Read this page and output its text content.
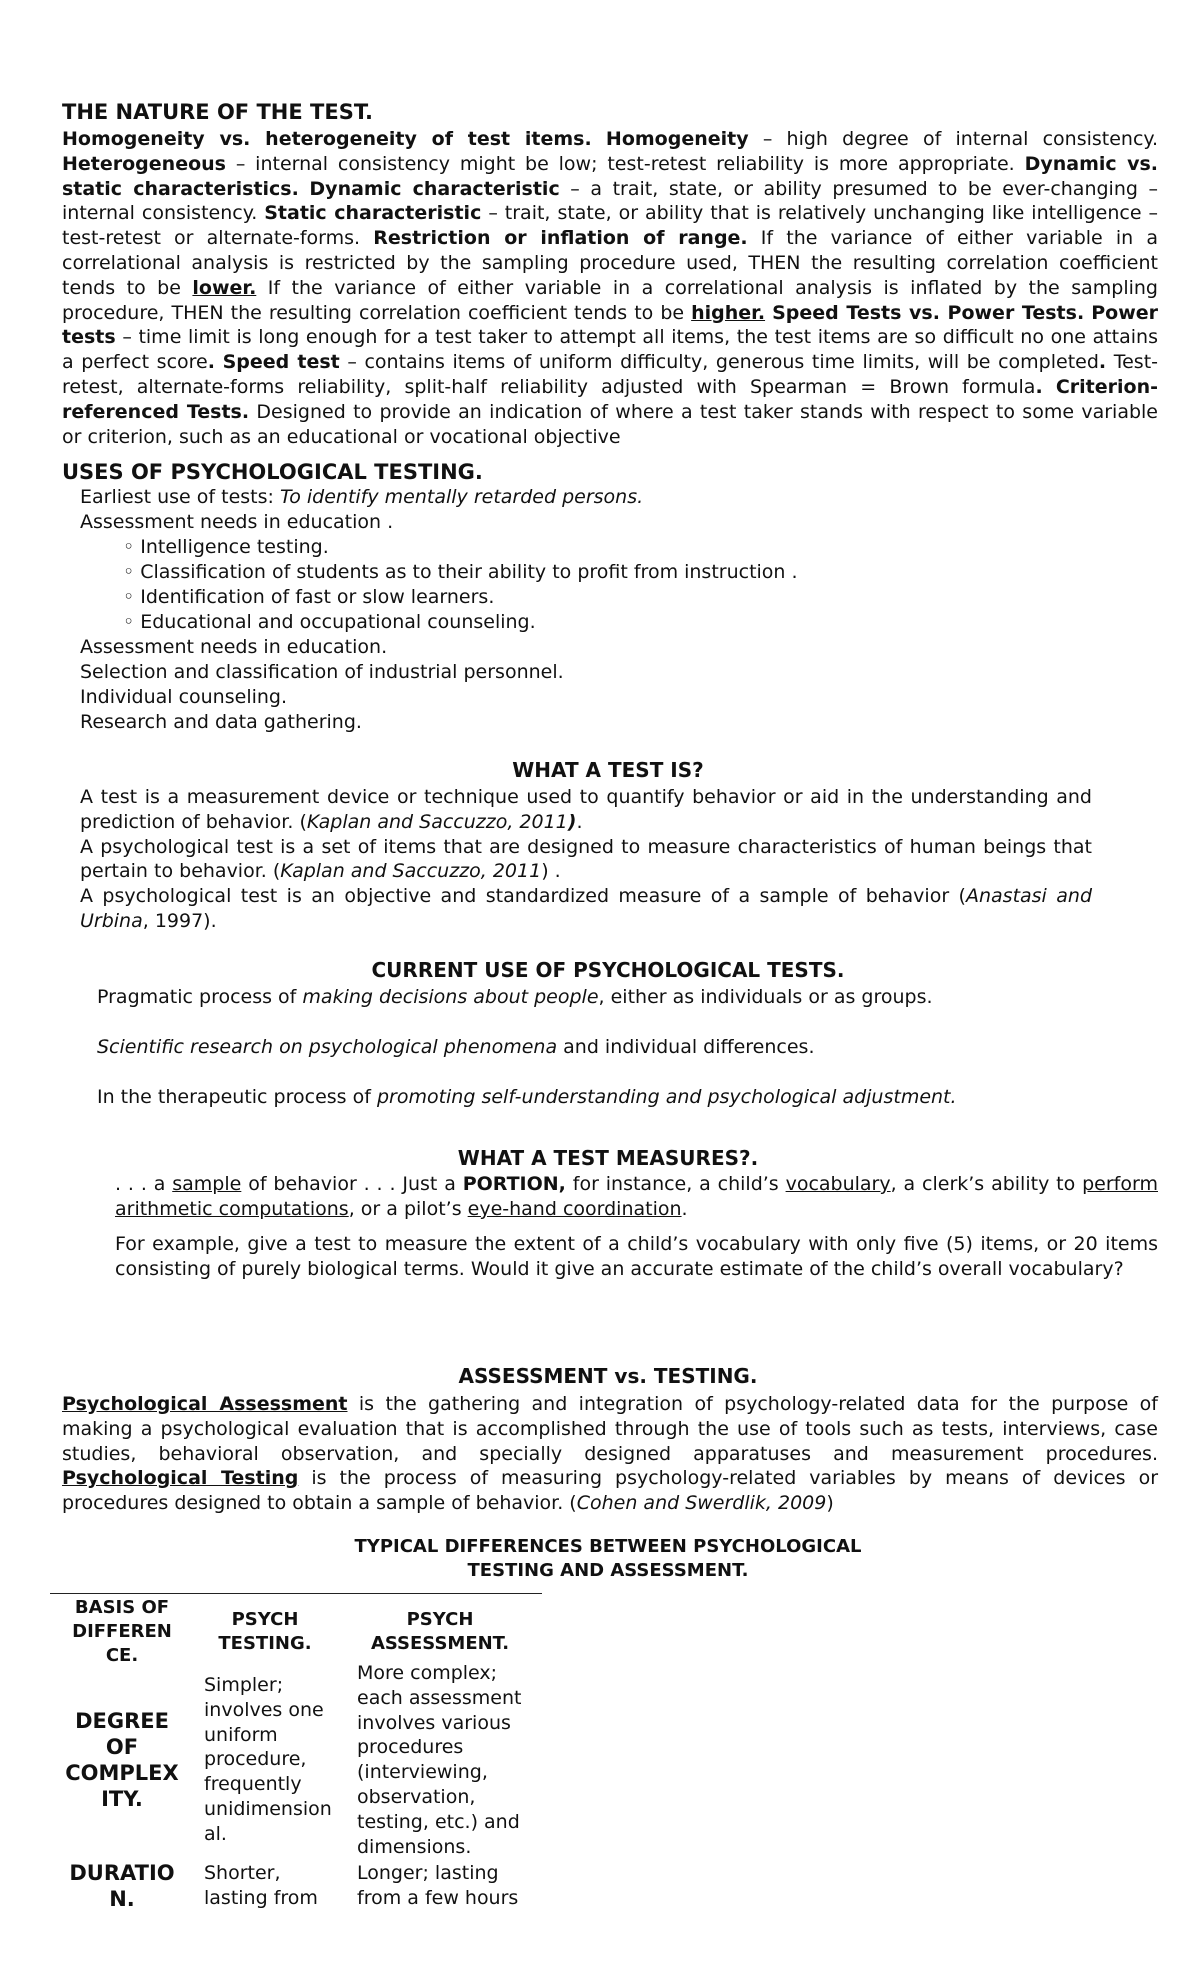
THE NATURE OF THE TEST.
Homogeneity vs. heterogeneity of test items. Homogeneity – high degree of internal consistency. Heterogeneous – internal consistency might be low; test-retest reliability is more appropriate. Dynamic vs. static characteristics. Dynamic characteristic – a trait, state, or ability presumed to be ever-changing – internal consistency. Static characteristic – trait, state, or ability that is relatively unchanging like intelligence – test-retest or alternate-forms. Restriction or inflation of range. If the variance of either variable in a correlational analysis is restricted by the sampling procedure used, THEN the resulting correlation coefficient tends to be lower. If the variance of either variable in a correlational analysis is inflated by the sampling procedure, THEN the resulting correlation coefficient tends to be higher. Speed Tests vs. Power Tests. Power tests – time limit is long enough for a test taker to attempt all items, the test items are so difficult no one attains a perfect score. Speed test – contains items of uniform difficulty, generous time limits, will be completed. Test-retest, alternate-forms reliability, split-half reliability adjusted with Spearman = Brown formula. Criterion-referenced Tests. Designed to provide an indication of where a test taker stands with respect to some variable or criterion, such as an educational or vocational objective
USES OF PSYCHOLOGICAL TESTING.
Earliest use of tests: To identify mentally retarded persons.
Assessment needs in education .
◦ Intelligence testing.
◦ Classification of students as to their ability to profit from instruction .
◦ Identification of fast or slow learners.
◦ Educational and occupational counseling.
Assessment needs in education.
Selection and classification of industrial personnel.
Individual counseling.
Research and data gathering.
WHAT A TEST IS?

A test is a measurement device or technique used to quantify behavior or aid in the understanding and prediction of behavior. (Kaplan and Saccuzzo, 2011).

A psychological test is a set of items that are designed to measure characteristics of human beings that pertain to behavior. (Kaplan and Saccuzzo, 2011) .

A psychological test is an objective and standardized measure of a sample of behavior (Anastasi and Urbina, 1997).

CURRENT USE OF PSYCHOLOGICAL TESTS.
Pragmatic process of making decisions about people, either as individuals or as groups.
Scientific research on psychological phenomena and individual differences.
In the therapeutic process of promoting self-understanding and psychological adjustment.
WHAT A TEST MEASURES?.
. . . a sample of behavior . . . Just a PORTION, for instance, a child’s vocabulary, a clerk’s ability to perform arithmetic computations, or a pilot’s eye-hand coordination.
For example, give a test to measure the extent of a child’s vocabulary with only five (5) items, or 20 items consisting of purely biological terms. Would it give an accurate estimate of the child’s overall vocabulary?
ASSESSMENT vs. TESTING.
Psychological Assessment is the gathering and integration of psychology-related data for the purpose of making a psychological evaluation that is accomplished through the use of tools such as tests, interviews, case studies, behavioral observation, and specially designed apparatuses and measurement procedures. Psychological Testing is the process of measuring psychology-related variables by means of devices or procedures designed to obtain a sample of behavior. (Cohen and Swerdlik, 2009)
TYPICAL DIFFERENCES BETWEEN PSYCHOLOGICAL
TESTING AND ASSESSMENT.
BASIS OF
DIFFEREN
CE.
PSYCH
TESTING.
PSYCH
ASSESSMENT.
DEGREE
OF
COMPLEX
ITY.
Simpler;
involves one
uniform
procedure,
frequently
unidimension
al.
More complex;
each assessment
involves various
procedures
(interviewing,
observation,
testing, etc.) and
dimensions.
DURATIO
N.
Shorter,
lasting from
Longer; lasting
from a few hours
